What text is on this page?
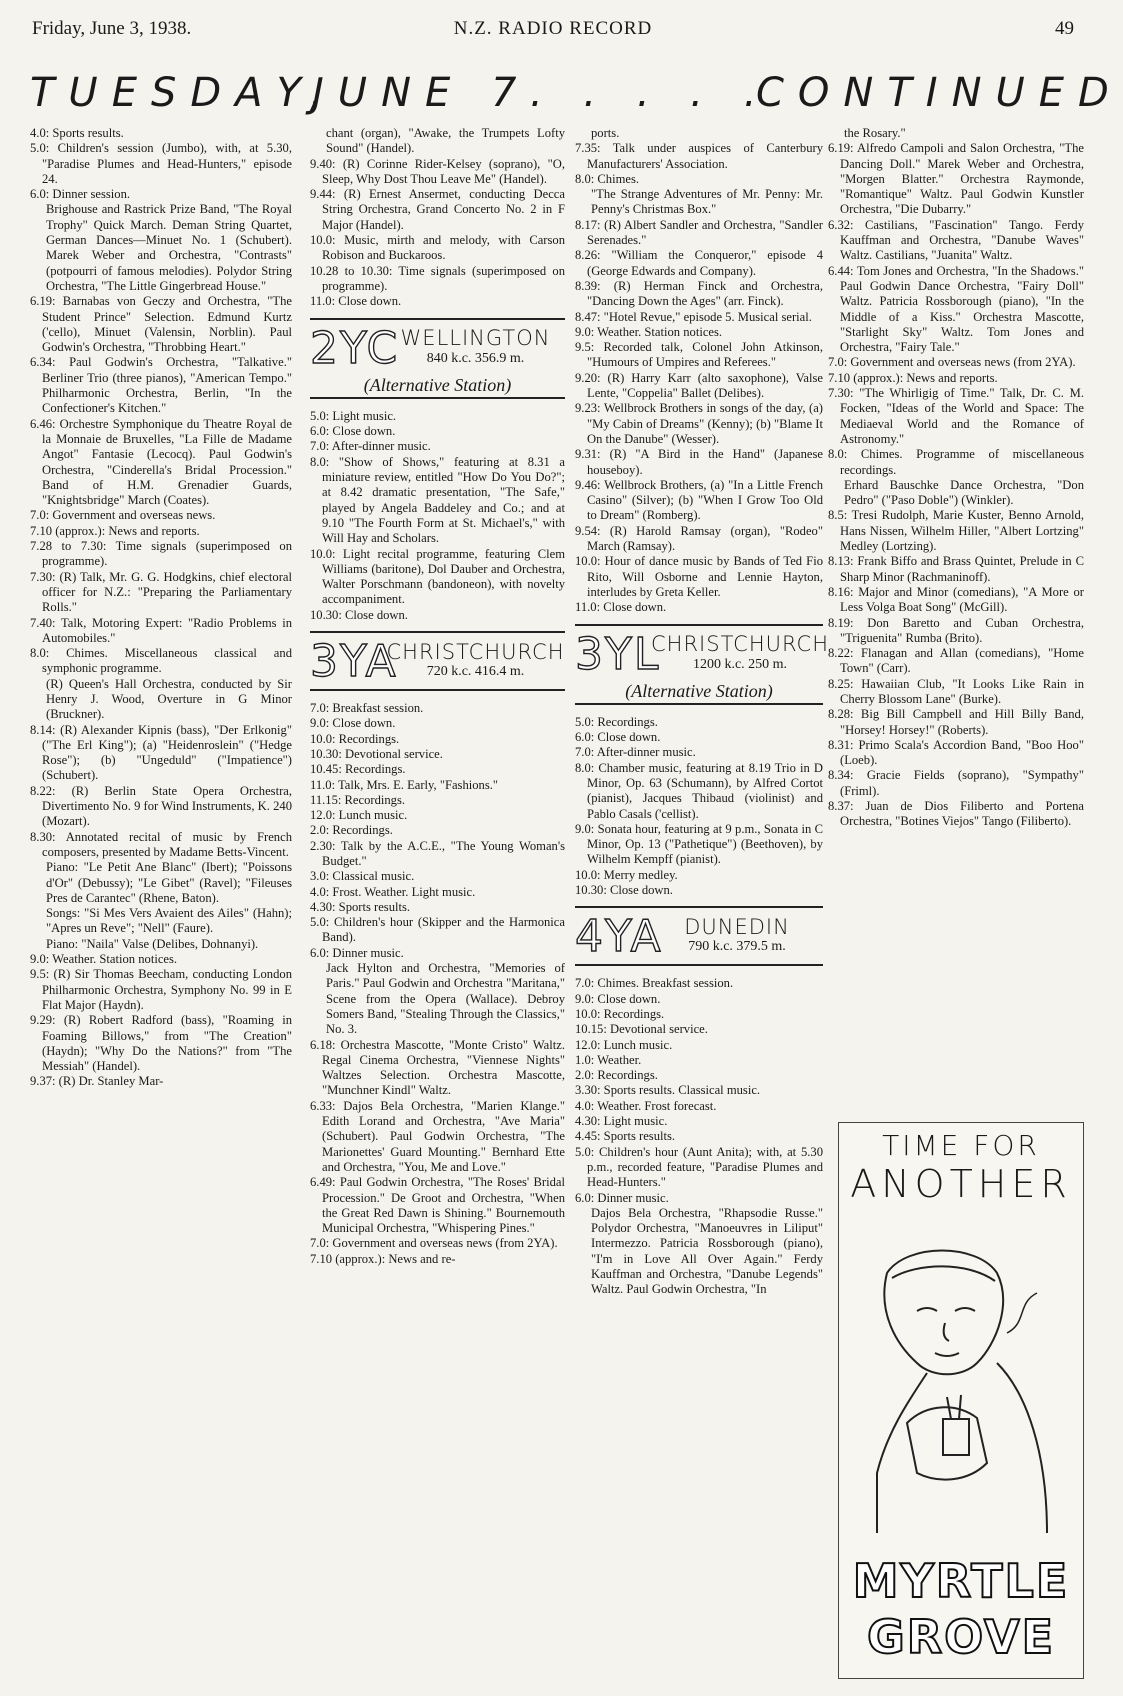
Friday, June 3, 1938.	N.Z. RADIO RECORD	49
TUESDAY,
JUNE 7 . . . . .
CONTINUED

4.0: Sports results.

5.0: Children's session (Jumbo), with, at 5.30, "Paradise Plumes and Head-Hunters," episode 24.

6.0: Dinner session.

Brighouse and Rastrick Prize Band, "The Royal Trophy" Quick March. Deman String Quartet, German Dances—Minuet No. 1 (Schubert). Marek Weber and Orchestra, "Contrasts" (potpourri of famous melodies). Polydor String Orchestra, "The Little Gingerbread House."

6.19: Barnabas von Geczy and Orchestra, "The Student Prince" Selection. Edmund Kurtz ('cello), Minuet (Valensin, Norblin). Paul Godwin's Orchestra, "Throbbing Heart."

6.34: Paul Godwin's Orchestra, "Talkative." Berliner Trio (three pianos), "American Tempo." Philharmonic Orchestra, Berlin, "In the Confectioner's Kitchen."

6.46: Orchestre Symphonique du Theatre Royal de la Monnaie de Bruxelles, "La Fille de Madame Angot" Fantasie (Lecocq). Paul Godwin's Orchestra, "Cinderella's Bridal Procession." Band of H.M. Grenadier Guards, "Knightsbridge" March (Coates).

7.0: Government and overseas news.

7.10 (approx.): News and reports.

7.28 to 7.30: Time signals (superimposed on programme).

7.30: (R) Talk, Mr. G. G. Hodgkins, chief electoral officer for N.Z.: "Preparing the Parliamentary Rolls."

7.40: Talk, Motoring Expert: "Radio Problems in Automobiles."

8.0: Chimes. Miscellaneous classical and symphonic programme.

(R) Queen's Hall Orchestra, conducted by Sir Henry J. Wood, Overture in G Minor (Bruckner).

8.14: (R) Alexander Kipnis (bass), "Der Erlkonig" ("The Erl King"); (a) "Heidenroslein" ("Hedge Rose"); (b) "Ungeduld" ("Impatience") (Schubert).

8.22: (R) Berlin State Opera Orchestra, Divertimento No. 9 for Wind Instruments, K. 240 (Mozart).

8.30: Annotated recital of music by French composers, presented by Madame Betts-Vincent.

Piano: "Le Petit Ane Blanc" (Ibert); "Poissons d'Or" (Debussy); "Le Gibet" (Ravel); "Fileuses Pres de Carantec" (Rhene, Baton).

Songs: "Si Mes Vers Avaient des Ailes" (Hahn); "Apres un Reve"; "Nell" (Faure).

Piano: "Naila" Valse (Delibes, Dohnanyi).

9.0: Weather. Station notices.

9.5: (R) Sir Thomas Beecham, conducting London Philharmonic Orchestra, Symphony No. 99 in E Flat Major (Haydn).

9.29: (R) Robert Radford (bass), "Roaming in Foaming Billows," from "The Creation" (Haydn); "Why Do the Nations?" from "The Messiah" (Handel).

9.37: (R) Dr. Stanley Mar-

chant (organ), "Awake, the Trumpets Lofty Sound" (Handel).

9.40: (R) Corinne Rider-Kelsey (soprano), "O, Sleep, Why Dost Thou Leave Me" (Handel).

9.44: (R) Ernest Ansermet, conducting Decca String Orchestra, Grand Concerto No. 2 in F Major (Handel).

10.0: Music, mirth and melody, with Carson Robison and Buckaroos.

10.28 to 10.30: Time signals (superimposed on programme).

11.0: Close down.

2YC WELLINGTON
840 k.c. 356.9 m.
(Alternative Station)

5.0: Light music.

6.0: Close down.

7.0: After-dinner music.

8.0: "Show of Shows," featuring at 8.31 a miniature review, entitled "How Do You Do?"; at 8.42 dramatic presentation, "The Safe," played by Angela Baddeley and Co.; and at 9.10 "The Fourth Form at St. Michael's," with Will Hay and Scholars.

10.0: Light recital programme, featuring Clem Williams (baritone), Dol Dauber and Orchestra, Walter Porschmann (bandoneon), with novelty accompaniment.

10.30: Close down.

3YA
CHRISTCHURCH
720 k.c. 416.4 m.

7.0: Breakfast session.

9.0: Close down.

10.0: Recordings.

10.30: Devotional service.

10.45: Recordings.

11.0: Talk, Mrs. E. Early, "Fashions."

11.15: Recordings.

12.0: Lunch music.

2.0: Recordings.

2.30: Talk by the A.C.E., "The Young Woman's Budget."

3.0: Classical music.

4.0: Frost. Weather. Light music.

4.30: Sports results.

5.0: Children's hour (Skipper and the Harmonica Band).

6.0: Dinner music.

Jack Hylton and Orchestra, "Memories of Paris." Paul Godwin and Orchestra "Maritana," Scene from the Opera (Wallace). Debroy Somers Band, "Stealing Through the Classics," No. 3.

6.18: Orchestra Mascotte, "Monte Cristo" Waltz. Regal Cinema Orchestra, "Viennese Nights" Waltzes Selection. Orchestra Mascotte, "Munchner Kindl" Waltz.

6.33: Dajos Bela Orchestra, "Marien Klange." Edith Lorand and Orchestra, "Ave Maria" (Schubert). Paul Godwin Orchestra, "The Marionettes' Guard Mounting." Bernhard Ette and Orchestra, "You, Me and Love."

6.49: Paul Godwin Orchestra, "The Roses' Bridal Procession." De Groot and Orchestra, "When the Great Red Dawn is Shining." Bournemouth Municipal Orchestra, "Whispering Pines."

7.0: Government and overseas news (from 2YA).

7.10 (approx.): News and re-

ports.

7.35: Talk under auspices of Canterbury Manufacturers' Association.

8.0: Chimes.

"The Strange Adventures of Mr. Penny: Mr. Penny's Christmas Box."

8.17: (R) Albert Sandler and Orchestra, "Sandler Serenades."

8.26: "William the Conqueror," episode 4 (George Edwards and Company).

8.39: (R) Herman Finck and Orchestra, "Dancing Down the Ages" (arr. Finck).

8.47: "Hotel Revue," episode 5. Musical serial.

9.0: Weather. Station notices.

9.5: Recorded talk, Colonel John Atkinson, "Humours of Umpires and Referees."

9.20: (R) Harry Karr (alto saxophone), Valse Lente, "Coppelia" Ballet (Delibes).

9.23: Wellbrock Brothers in songs of the day, (a) "My Cabin of Dreams" (Kenny); (b) "Blame It On the Danube" (Wesser).

9.31: (R) "A Bird in the Hand" (Japanese houseboy).

9.46: Wellbrock Brothers, (a) "In a Little French Casino" (Silver); (b) "When I Grow Too Old to Dream" (Romberg).

9.54: (R) Harold Ramsay (organ), "Rodeo" March (Ramsay).

10.0: Hour of dance music by Bands of Ted Fio Rito, Will Osborne and Lennie Hayton, interludes by Greta Keller.

11.0: Close down.

3YL
CHRISTCHURCH
1200 k.c. 250 m.
(Alternative Station)

5.0: Recordings.

6.0: Close down.

7.0: After-dinner music.

8.0: Chamber music, featuring at 8.19 Trio in D Minor, Op. 63 (Schumann), by Alfred Cortot (pianist), Jacques Thibaud (violinist) and Pablo Casals ('cellist).

9.0: Sonata hour, featuring at 9 p.m., Sonata in C Minor, Op. 13 ("Pathetique") (Beethoven), by Wilhelm Kempff (pianist).

10.0: Merry medley.

10.30: Close down.

4YA	DUNEDIN
790 k.c. 379.5 m.

7.0: Chimes. Breakfast session.

9.0: Close down.

10.0: Recordings.

10.15: Devotional service.

12.0: Lunch music.

1.0: Weather.

2.0: Recordings.

3.30: Sports results. Classical music.

4.0: Weather. Frost forecast.

4.30: Light music.

4.45: Sports results.

5.0: Children's hour (Aunt Anita); with, at 5.30 p.m., recorded feature, "Paradise Plumes and Head-Hunters."

6.0: Dinner music.

Dajos Bela Orchestra, "Rhapsodie Russe." Polydor Orchestra, "Manoeuvres in Liliput" Intermezzo. Patricia Rossborough (piano), "I'm in Love All Over Again." Ferdy Kauffman and Orchestra, "Danube Legends" Waltz. Paul Godwin Orchestra, "In

the Rosary."

6.19: Alfredo Campoli and Salon Orchestra, "The Dancing Doll." Marek Weber and Orchestra, "Morgen Blatter." Orchestra Raymonde, "Romantique" Waltz. Paul Godwin Kunstler Orchestra, "Die Dubarry."

6.32: Castilians, "Fascination" Tango. Ferdy Kauffman and Orchestra, "Danube Waves" Waltz. Castilians, "Juanita" Waltz.

6.44: Tom Jones and Orchestra, "In the Shadows." Paul Godwin Dance Orchestra, "Fairy Doll" Waltz. Patricia Rossborough (piano), "In the Middle of a Kiss." Orchestra Mascotte, "Starlight Sky" Waltz. Tom Jones and Orchestra, "Fairy Tale."

7.0: Government and overseas news (from 2YA).

7.10 (approx.): News and reports.

7.30: "The Whirligig of Time." Talk, Dr. C. M. Focken, "Ideas of the World and Space: The Mediaeval World and the Romance of Astronomy."

8.0: Chimes. Programme of miscellaneous recordings.

Erhard Bauschke Dance Orchestra, "Don Pedro" ("Paso Doble") (Winkler).

8.5: Tresi Rudolph, Marie Kuster, Benno Arnold, Hans Nissen, Wilhelm Hiller, "Albert Lortzing" Medley (Lortzing).

8.13: Frank Biffo and Brass Quintet, Prelude in C Sharp Minor (Rachmaninoff).

8.16: Major and Minor (comedians), "A More or Less Volga Boat Song" (McGill).

8.19: Don Baretto and Cuban Orchestra, "Triguenita" Rumba (Brito).

8.22: Flanagan and Allan (comedians), "Home Town" (Carr).

8.25: Hawaiian Club, "It Looks Like Rain in Cherry Blossom Lane" (Burke).

8.28: Big Bill Campbell and Hill Billy Band, "Horsey! Horsey!" (Roberts).

8.31: Primo Scala's Accordion Band, "Boo Hoo" (Loeb).

8.34: Gracie Fields (soprano), "Sympathy" (Friml).

8.37: Juan de Dios Filiberto and Portena Orchestra, "Botines Viejos" Tango (Filiberto).

TIME FOR
ANOTHER
MYRTLE
GROVE
